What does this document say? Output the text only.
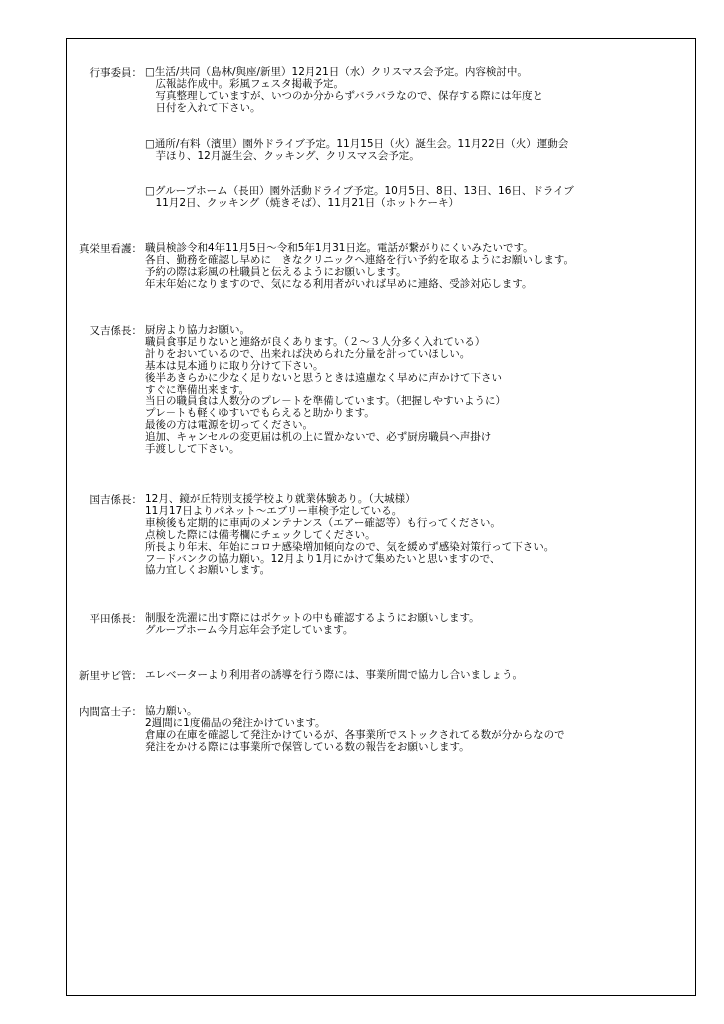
行事委員： □生活/共同（島林/與座/新里）12月21日（水）クリスマス会予定。内容検討中。
　広報誌作成中。彩風フェスタ掲載予定。
　写真整理していますが、いつのか分からずバラバラなので、保存する際には年度と
　日付を入れて下さい。
□通所/有料（濱里）園外ドライブ予定。11月15日（火）誕生会。11月22日（火）運動会
　芋ほり、12月誕生会、クッキング、クリスマス会予定。
□グループホーム（長田）園外活動ドライブ予定。10月5日、8日、13日、16日、ドライブ
　11月2日、クッキング（焼きそば）、11月21日（ホットケーキ）
真栄里看護： 職員検診令和4年11月5日～令和5年1月31日迄。電話が繋がりにくいみたいです。
各自、勤務を確認し早めに　きなクリニックへ連絡を行い予約を取るようにお願いします。
予約の際は彩風の杜職員と伝えるようにお願いします。
年末年始になりますので、気になる利用者がいれば早めに連絡、受診対応します。
又吉係長： 厨房より協力お願い。
職員食事足りないと連絡が良くあります。（２～３人分多く入れている）
計りをおいているので、出来れば決められた分量を計っていほしい。
基本は見本通りに取り分けて下さい。
後半あきらかに少なく足りないと思うときは遠慮なく早めに声かけて下さい
すぐに準備出来ます。
当日の職員食は人数分のプレ－トを準備しています。（把握しやすいように）
プレ－トも軽くゆすいでもらえると助かります。
最後の方は電源を切ってください。
追加、キャンセルの変更届は机の上に置かないで、必ず厨房職員へ声掛け
手渡しして下さい。
国吉係長： 12月、鏡が丘特別支援学校より就業体験あり。（大城様）
11月17日よりパネット～エブリー車検予定している。
車検後も定期的に車両のメンテナンス（エアー確認等）も行ってください。
点検した際には備考欄にチェックしてください。
所長より年末、年始にコロナ感染増加傾向なので、気を緩めず感染対策行って下さい。
フ－ドバンクの協力願い。12月より1月にかけて集めたいと思いますので、
協力宜しくお願いします。
平田係長： 制服を洗濯に出す際にはポケットの中も確認するようにお願いします。
グループホーム今月忘年会予定しています。
新里サビ管： エレベーターより利用者の誘導を行う際には、事業所間で協力し合いましょう。
内間富士子： 協力願い。
2週間に1度備品の発注かけています。
倉庫の在庫を確認して発注かけているが、各事業所でストックされてる数が分からなので
発注をかける際には事業所で保管している数の報告をお願いします。
